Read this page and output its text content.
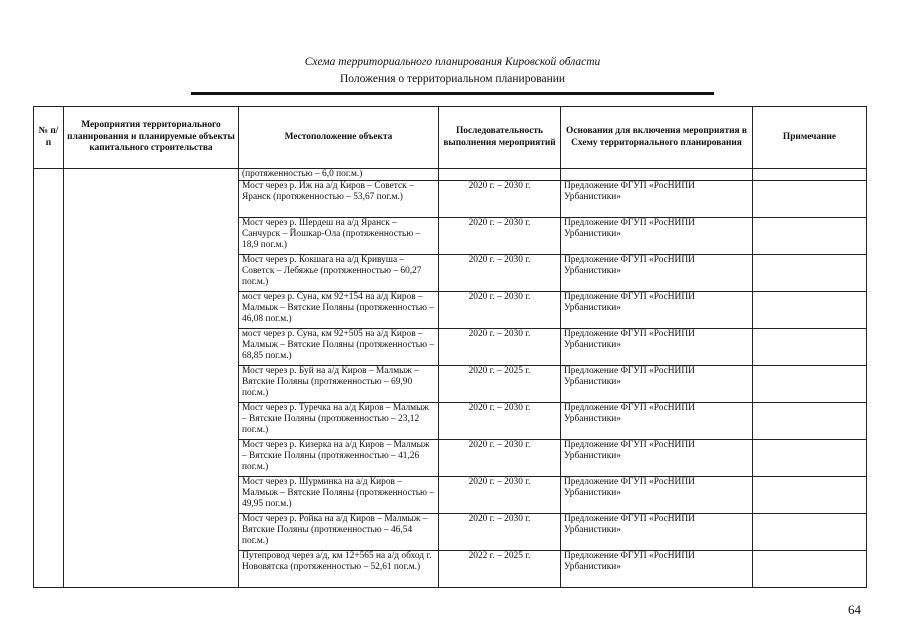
Схема территориального планирования Кировской области
Положения о территориальном планировании
№ п/п	Мероприятия территориального планирования и планируемые объекты капитального строительства	Местоположение объекта	Последовательность выполнения мероприятий	Основания для включения мероприятия в Схему территориального планирования	Примечание
		(протяженностью – 6,0 пог.м.)			
		Мост через р. Иж на а/д Киров – Советск – Яранск (протяженностью – 53,67 пог.м.)	2020 г. – 2030 г.	Предложение ФГУП «РосНИПИ Урбанистики»	
		Мост через р. Шердеш на а/д Яранск – Санчурск – Йошкар-Ола (протяженностью – 18,9 пог.м.)	2020 г. – 2030 г.	Предложение ФГУП «РосНИПИ Урбанистики»	
		Мост через р. Кокшага на а/д Кривуша – Советск – Лебяжье (протяженностью – 60,27 пог.м.)	2020 г. – 2030 г.	Предложение ФГУП «РосНИПИ Урбанистики»	
		мост через р. Суна, км 92+154 на а/д Киров – Малмыж – Вятские Поляны (протяженностью – 46,08 пог.м.)	2020 г. – 2030 г.	Предложение ФГУП «РосНИПИ Урбанистики»	
		мост через р. Суна, км 92+505 на а/д Киров – Малмыж – Вятские Поляны (протяженностью – 68,85 пог.м.)	2020 г. – 2030 г.	Предложение ФГУП «РосНИПИ Урбанистики»	
		Мост через р. Буй на а/д Киров – Малмыж – Вятские Поляны (протяженностью – 69,90 пог.м.)	2020 г. – 2025 г.	Предложение ФГУП «РосНИПИ Урбанистики»	
		Мост через р. Туречка на а/д Киров – Малмыж – Вятские Поляны (протяженностью – 23,12 пог.м.)	2020 г. – 2030 г.	Предложение ФГУП «РосНИПИ Урбанистики»	
		Мост через р. Кизерка на а/д Киров – Малмыж – Вятские Поляны (протяженностью – 41,26 пог.м.)	2020 г. – 2030 г.	Предложение ФГУП «РосНИПИ Урбанистики»	
		Мост через р. Шурминка на а/д Киров – Малмыж – Вятские Поляны (протяженностью – 49,95 пог.м.)	2020 г. – 2030 г.	Предложение ФГУП «РосНИПИ Урбанистики»	
		Мост через р. Ройка на а/д Киров – Малмыж – Вятские Поляны (протяженностью – 46,54 пог.м.)	2020 г. – 2030 г.	Предложение ФГУП «РосНИПИ Урбанистики»	
		Путепровод через а/д, км 12+565 на а/д обход г. Нововятска (протяженностью – 52,61 пог.м.)	2022 г. – 2025 г.	Предложение ФГУП «РосНИПИ Урбанистики»	
64
